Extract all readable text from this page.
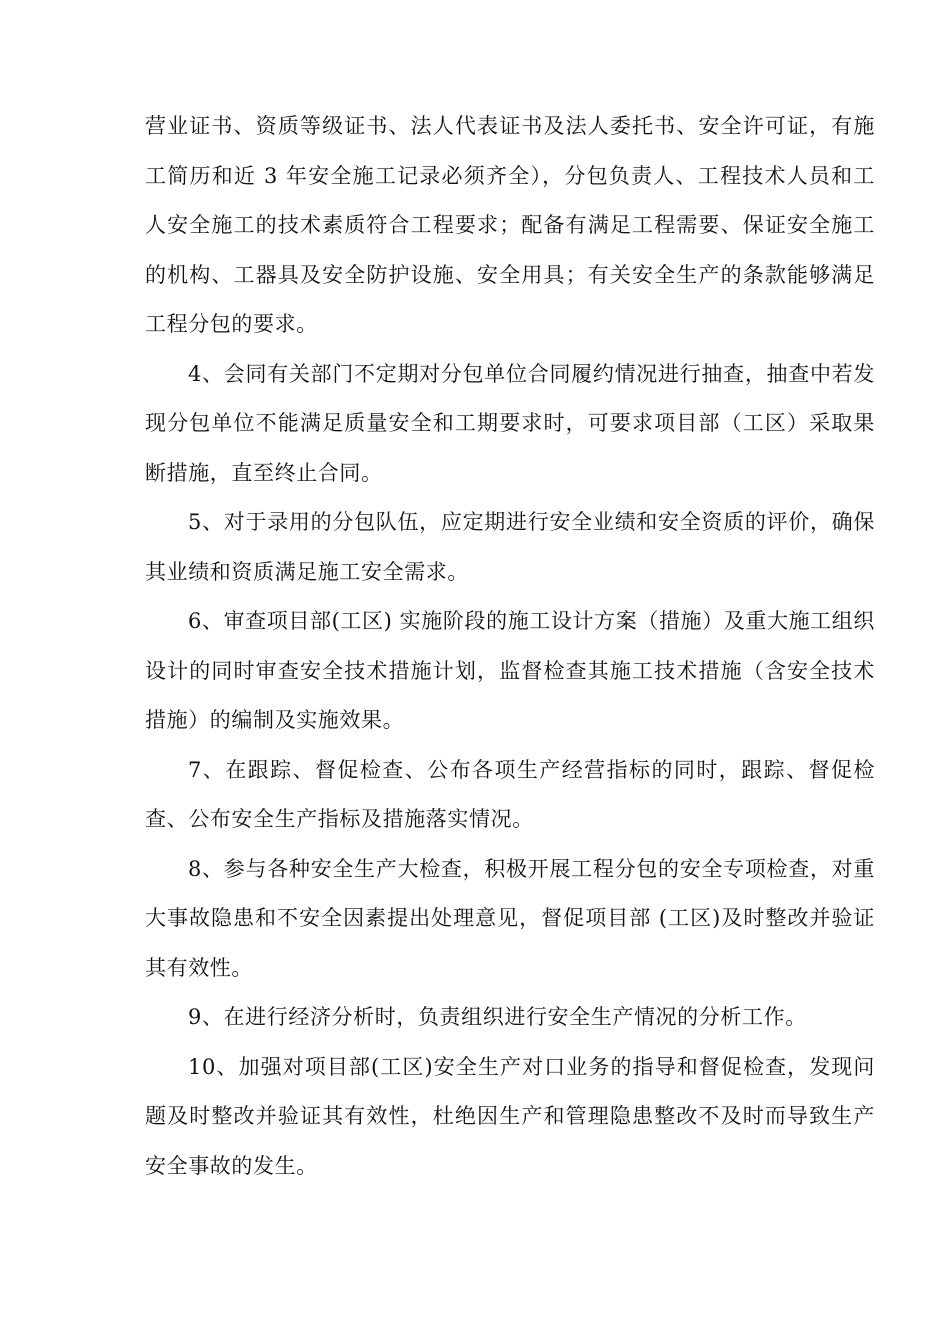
营业证书、资质等级证书、法人代表证书及法人委托书、安全许可证，有施工简历和近 3 年安全施工记录必须齐全），分包负责人、工程技术人员和工人安全施工的技术素质符合工程要求；配备有满足工程需要、保证安全施工的机构、工器具及安全防护设施、安全用具；有关安全生产的条款能够满足工程分包的要求。

4、会同有关部门不定期对分包单位合同履约情况进行抽查，抽查中若发现分包单位不能满足质量安全和工期要求时，可要求项目部（工区）采取果断措施，直至终止合同。

5、对于录用的分包队伍，应定期进行安全业绩和安全资质的评价，确保其业绩和资质满足施工安全需求。

6、审查项目部(工区) 实施阶段的施工设计方案（措施）及重大施工组织设计的同时审查安全技术措施计划，监督检查其施工技术措施（含安全技术措施）的编制及实施效果。

7、在跟踪、督促检查、公布各项生产经营指标的同时，跟踪、督促检查、公布安全生产指标及措施落实情况。

8、参与各种安全生产大检查，积极开展工程分包的安全专项检查，对重大事故隐患和不安全因素提出处理意见，督促项目部 (工区)及时整改并验证其有效性。

9、在进行经济分析时，负责组织进行安全生产情况的分析工作。

10、加强对项目部(工区)安全生产对口业务的指导和督促检查，发现问题及时整改并验证其有效性，杜绝因生产和管理隐患整改不及时而导致生产安全事故的发生。
